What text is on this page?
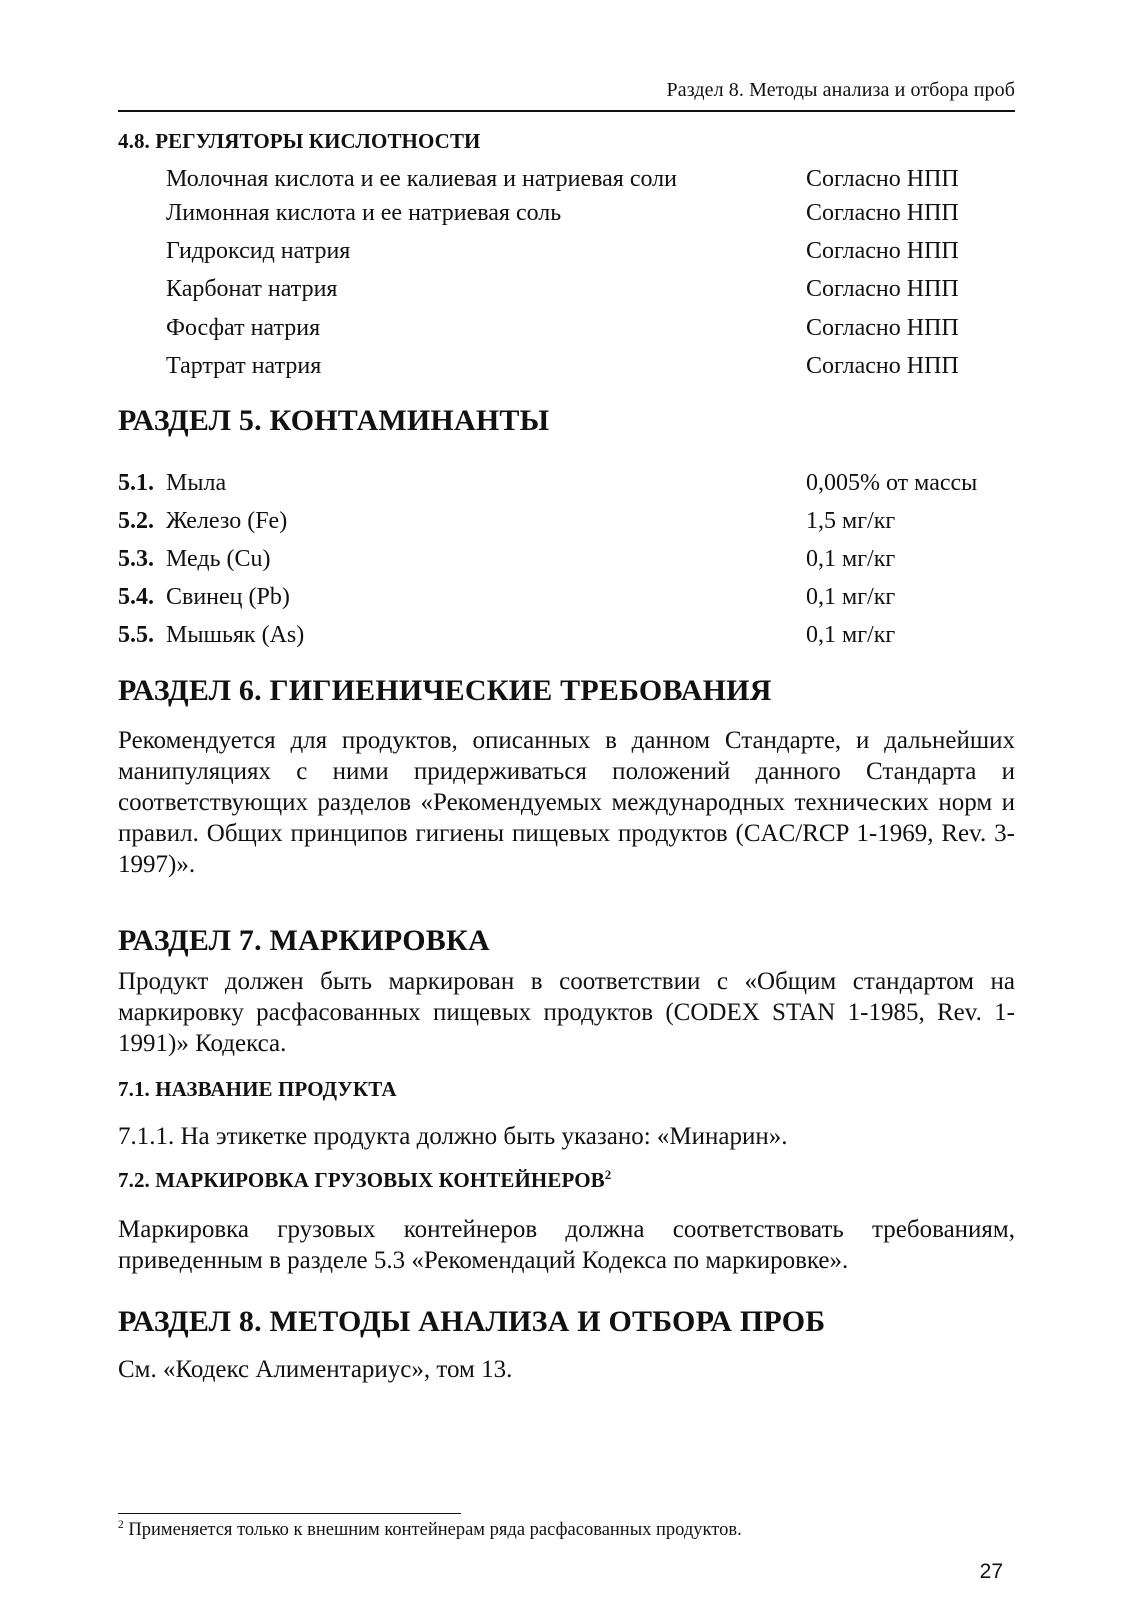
Раздел 8. Методы анализа и отбора проб
4.8. РЕГУЛЯТОРЫ КИСЛОТНОСТИ
Молочная кислота и ее калиевая и натриевая соли	Согласно НПП
Лимонная кислота и ее натриевая соль	Согласно НПП
Гидроксид натрия	Согласно НПП
Карбонат натрия	Согласно НПП
Фосфат натрия	Согласно НПП
Тартрат натрия	Согласно НПП
РАЗДЕЛ 5. КОНТАМИНАНТЫ
5.1. Мыла	0,005% от массы
5.2. Железо (Fe)	1,5 мг/кг
5.3. Медь (Cu)	0,1 мг/кг
5.4. Свинец (Pb)	0,1 мг/кг
5.5. Мышьяк (As)	0,1 мг/кг
РАЗДЕЛ 6. ГИГИЕНИЧЕСКИЕ ТРЕБОВАНИЯ

Рекомендуется для продуктов, описанных в данном Стандарте, и дальнейших манипуляциях с ними придерживаться положений данного Стандарта и соответствующих разделов «Рекомендуемых международных технических норм и правил. Общих принципов гигиены пищевых продуктов (CAC/RCP 1-1969, Rev. 3-1997)».

РАЗДЕЛ 7. МАРКИРОВКА

Продукт должен быть маркирован в соответствии с «Общим стандартом на маркировку расфасованных пищевых продуктов (CODEX STAN 1-1985, Rev. 1-1991)» Кодекса.

7.1. НАЗВАНИЕ ПРОДУКТА
7.1.1. На этикетке продукта должно быть указано: «Минарин».
7.2. МАРКИРОВКА ГРУЗОВЫХ КОНТЕЙНЕРОВ$^2$

Маркировка грузовых контейнеров должна соответствовать требованиям, приведенным в разделе 5.3 «Рекомендаций Кодекса по маркировке».

РАЗДЕЛ 8. МЕТОДЫ АНАЛИЗА И ОТБОРА ПРОБ
См. «Кодекс Алиментариус», том 13.
$^2$ Применяется только к внешним контейнерам ряда расфасованных продуктов.
27
